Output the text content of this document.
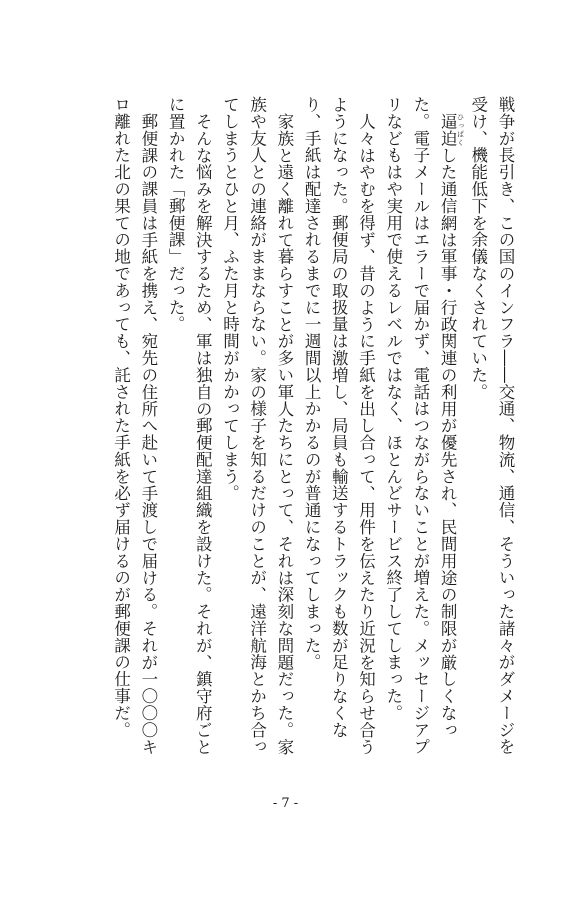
戦争が長引き、この国のインフラ――交通、物流、通信、そういった諸々がダメージを受け、機能低下を余儀なくされていた。

逼迫 ひっぱくした通信網は軍事・行政関連の利用が優先され、民間用途の制限が厳しくなった。電子メールはエラーで届かず、電話はつながらないことが増えた。メッセージアプリなどもはや実用で使えるレベルではなく、ほとんどサービス終了してしまった。

人々はやむを得ず、昔のように手紙を出し合って、用件を伝えたり近況を知らせ合うようになった。郵便局の取扱量は激増し、局員も輸送するトラックも数が足りなくなり、手紙は配達されるまでに一週間以上かかるのが普通になってしまった。

家族と遠く離れて暮らすことが多い軍人たちにとって、それは深刻な問題だった。家族や友人との連絡がままならない。家の様子を知るだけのことが、遠洋航海とかち合ってしまうとひと月、ふた月と時間がかかってしまう。

そんな悩みを解決するため、軍は独自の郵便配達組織を設けた。それが、鎮守府ごとに置かれた「郵便課」だった。

郵便課の課員は手紙を携え、宛先の住所へ赴いて手渡しで届ける。それが一〇〇〇キロ離れた北の果ての地であっても、託された手紙を必ず届けるのが郵便課の仕事だ。

- 7 -
